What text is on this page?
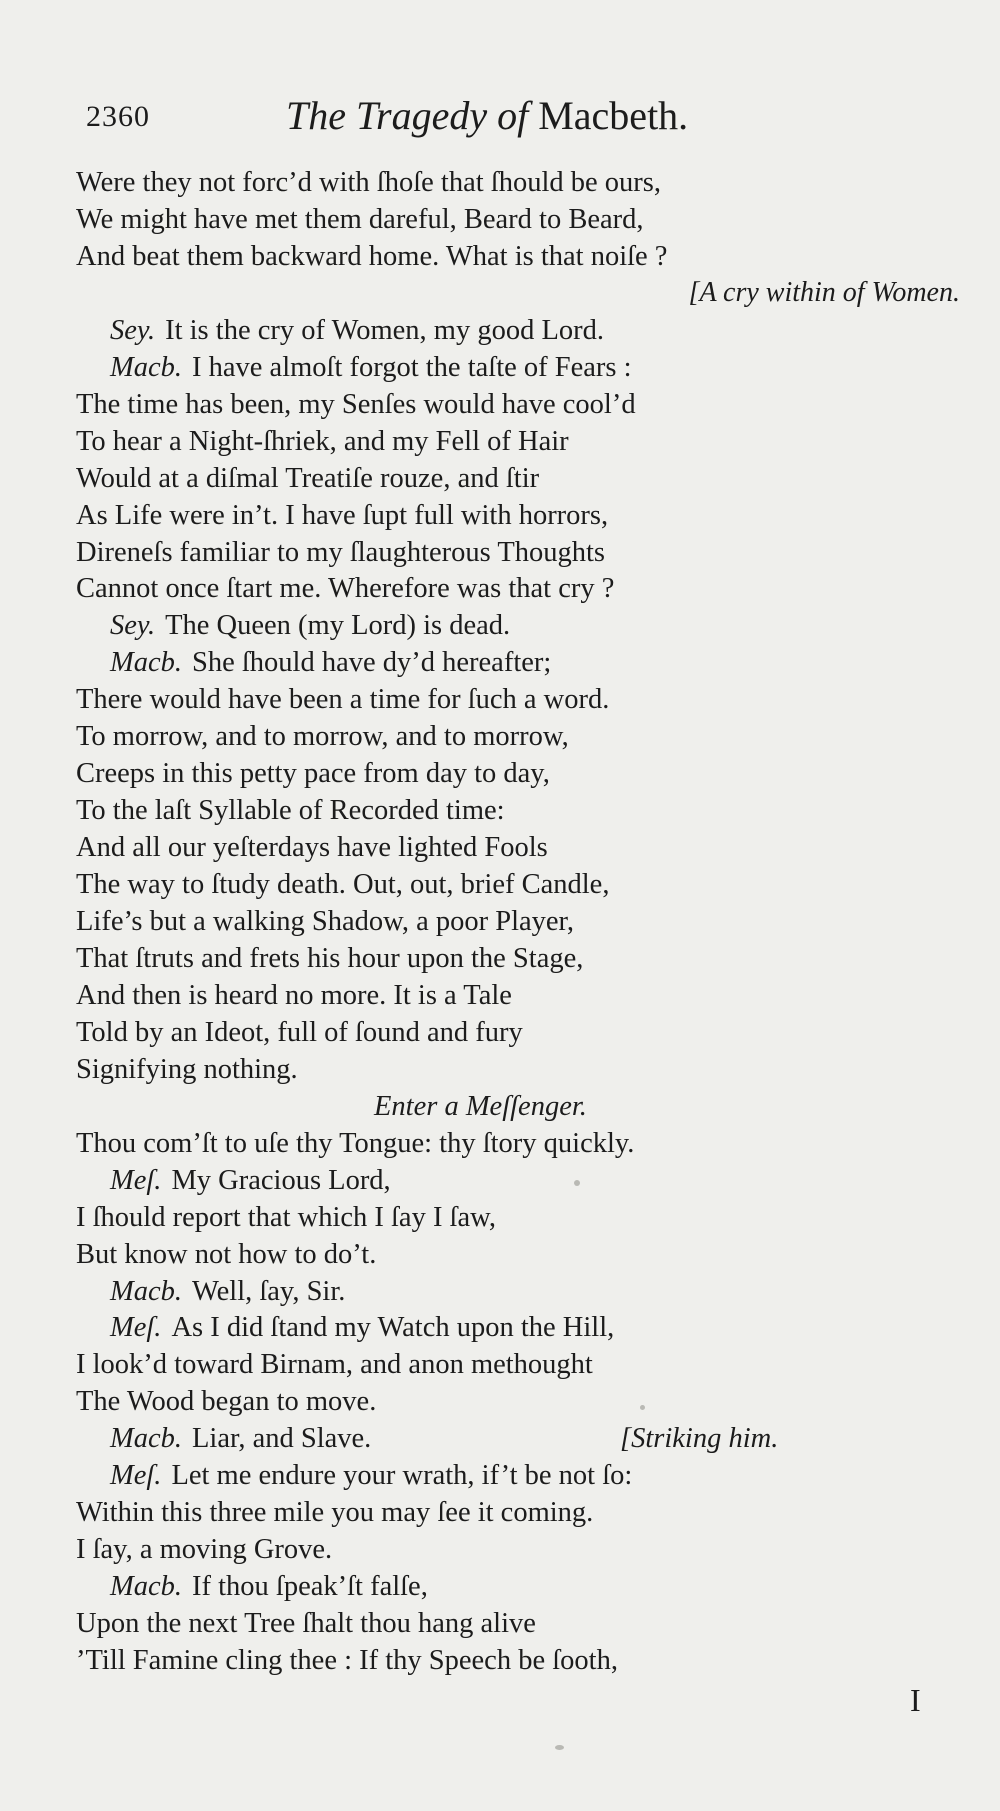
2360	The Tragedy of Macbeth.
Were they not forc’d with ſhoſe that ſhould be ours,
We might have met them dareful, Beard to Beard,
And beat them backward home. What is that noiſe ?
[A cry within of Women.
Sey. It is the cry of Women, my good Lord.
Macb. I have almoſt forgot the taſte of Fears :
The time has been, my Senſes would have cool’d
To hear a Night-ſhriek, and my Fell of Hair
Would at a diſmal Treatiſe rouze, and ſtir
As Life were in’t. I have ſupt full with horrors,
Direneſs familiar to my ſlaughterous Thoughts
Cannot once ſtart me. Wherefore was that cry ?
Sey. The Queen (my Lord) is dead.
Macb. She ſhould have dy’d hereafter;
There would have been a time for ſuch a word.
To morrow, and to morrow, and to morrow,
Creeps in this petty pace from day to day,
To the laſt Syllable of Recorded time:
And all our yeſterdays have lighted Fools
The way to ſtudy death. Out, out, brief Candle,
Life’s but a walking Shadow, a poor Player,
That ſtruts and frets his hour upon the Stage,
And then is heard no more. It is a Tale
Told by an Ideot, full of ſound and fury
Signifying nothing.
Enter a Meſſenger.
Thou com’ſt to uſe thy Tongue: thy ſtory quickly.
Meſ. My Gracious Lord,
I ſhould report that which I ſay I ſaw,
But know not how to do’t.
Macb. Well, ſay, Sir.
Meſ. As I did ſtand my Watch upon the Hill,
I look’d toward Birnam, and anon methought
The Wood began to move.
Macb. Liar, and Slave.	[Striking him.
Meſ. Let me endure your wrath, if’t be not ſo:
Within this three mile you may ſee it coming.
I ſay, a moving Grove.
Macb. If thou ſpeak’ſt falſe,
Upon the next Tree ſhalt thou hang alive
’Till Famine cling thee : If thy Speech be ſooth,
I
